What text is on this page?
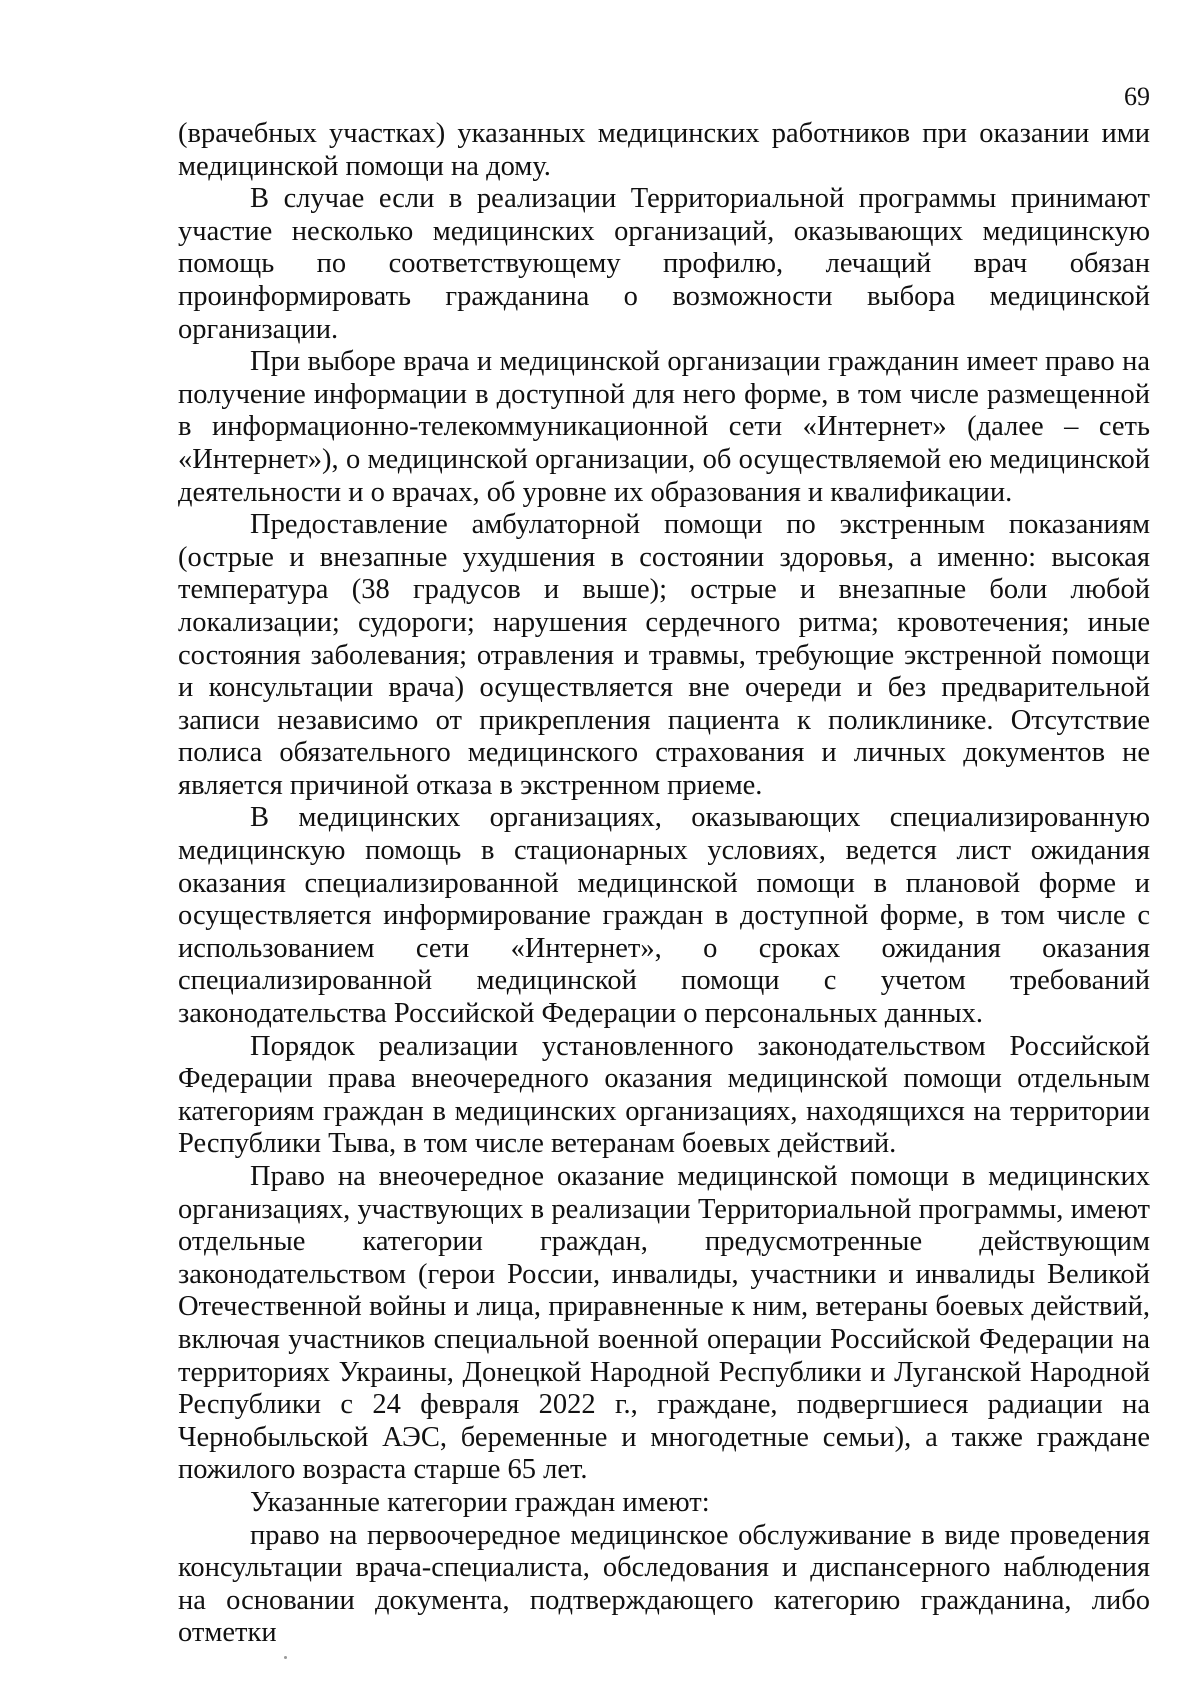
69

(врачебных участках) указанных медицинских работников при оказании ими медицинской помощи на дому.

В случае если в реализации Территориальной программы принимают участие несколько медицинских организаций, оказывающих медицинскую помощь по соответствующему профилю, лечащий врач обязан проинформировать гражданина о возможности выбора медицинской организации.

При выборе врача и медицинской организации гражданин имеет право на получение информации в доступной для него форме, в том числе размещенной в информационно-телекоммуникационной сети «Интернет» (далее – сеть «Интернет»), о медицинской организации, об осуществляемой ею медицинской деятельности и о врачах, об уровне их образования и квалификации.

Предоставление амбулаторной помощи по экстренным показаниям (острые и внезапные ухудшения в состоянии здоровья, а именно: высокая температура (38 градусов и выше); острые и внезапные боли любой локализации; судороги; нарушения сердечного ритма; кровотечения; иные состояния заболевания; отравления и травмы, требующие экстренной помощи и консультации врача) осуществляется вне очереди и без предварительной записи независимо от прикрепления пациента к поликлинике. Отсутствие полиса обязательного медицинского страхования и личных документов не является причиной отказа в экстренном приеме.

В медицинских организациях, оказывающих специализированную медицинскую помощь в стационарных условиях, ведется лист ожидания оказания специализированной медицинской помощи в плановой форме и осуществляется информирование граждан в доступной форме, в том числе с использованием сети «Интернет», о сроках ожидания оказания специализированной медицинской помощи с учетом требований законодательства Российской Федерации о персональных данных.

Порядок реализации установленного законодательством Российской Федерации права внеочередного оказания медицинской помощи отдельным категориям граждан в медицинских организациях, находящихся на территории Республики Тыва, в том числе ветеранам боевых действий.

Право на внеочередное оказание медицинской помощи в медицинских организациях, участвующих в реализации Территориальной программы, имеют отдельные категории граждан, предусмотренные действующим законодательством (герои России, инвалиды, участники и инвалиды Великой Отечественной войны и лица, приравненные к ним, ветераны боевых действий, включая участников специальной военной операции Российской Федерации на территориях Украины, Донецкой Народной Республики и Луганской Народной Республики с 24 февраля 2022 г., граждане, подвергшиеся радиации на Чернобыльской АЭС, беременные и многодетные семьи), а также граждане пожилого возраста старше 65 лет.

Указанные категории граждан имеют:

право на первоочередное медицинское обслуживание в виде проведения консультации врача-специалиста, обследования и диспансерного наблюдения на основании документа, подтверждающего категорию гражданина, либо отметки
